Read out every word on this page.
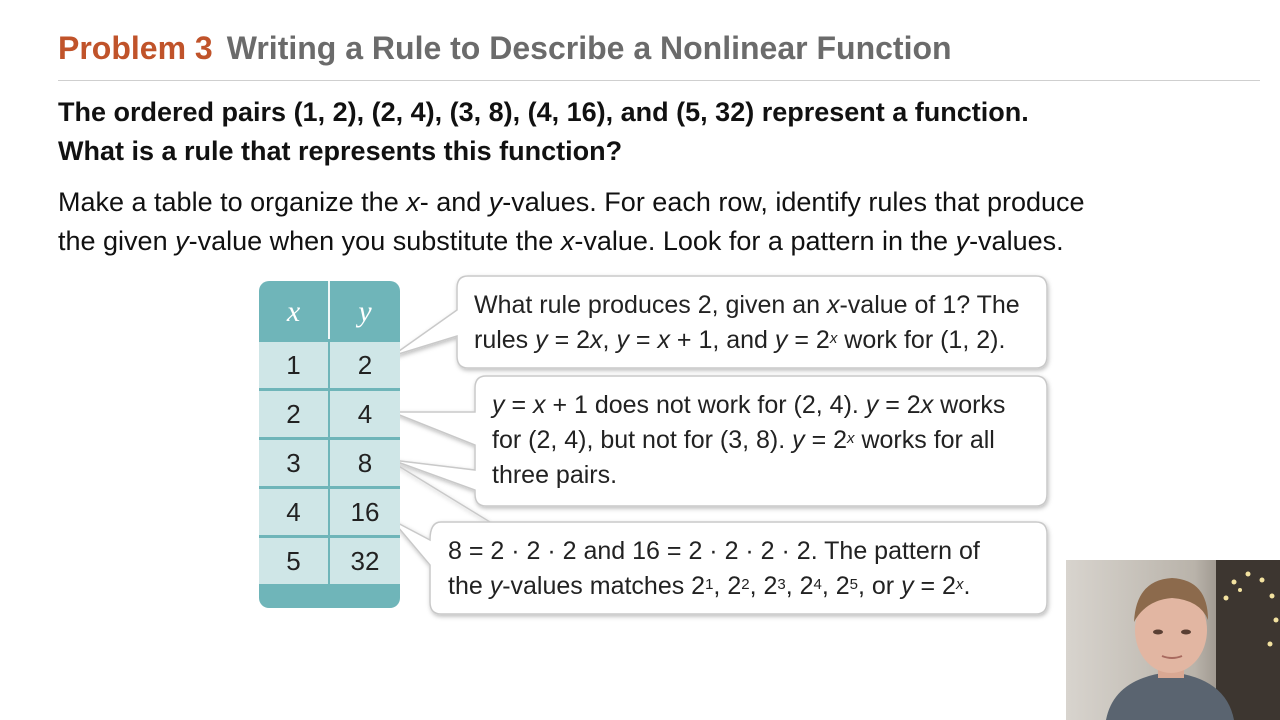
Problem 3 Writing a Rule to Describe a Nonlinear Function
The ordered pairs (1, 2), (2, 4), (3, 8), (4, 16), and (5, 32) represent a function.
What is a rule that represents this function?
Make a table to organize the x- and y-values. For each row, identify rules that produce
the given y-value when you substitute the x-value. Look for a pattern in the y-values.
x	y
1	2
2	4
3	8
4	16
5	32
What rule produces 2, given an x-value of 1? The
rules y = 2x, y = x + 1, and $y = 2^x$ work for (1, 2).
y = x + 1 does not work for (2, 4). y = 2x works
for (2, 4), but not for (3, 8). $y = 2^x$ works for all
three pairs.
8 = 2 · 2 · 2 and 16 = 2 · 2 · 2 · 2. The pattern of
the y-values matches $2^1$, $2^2$, $2^3$, $2^4$, $2^5$, or $y = 2^x$.
